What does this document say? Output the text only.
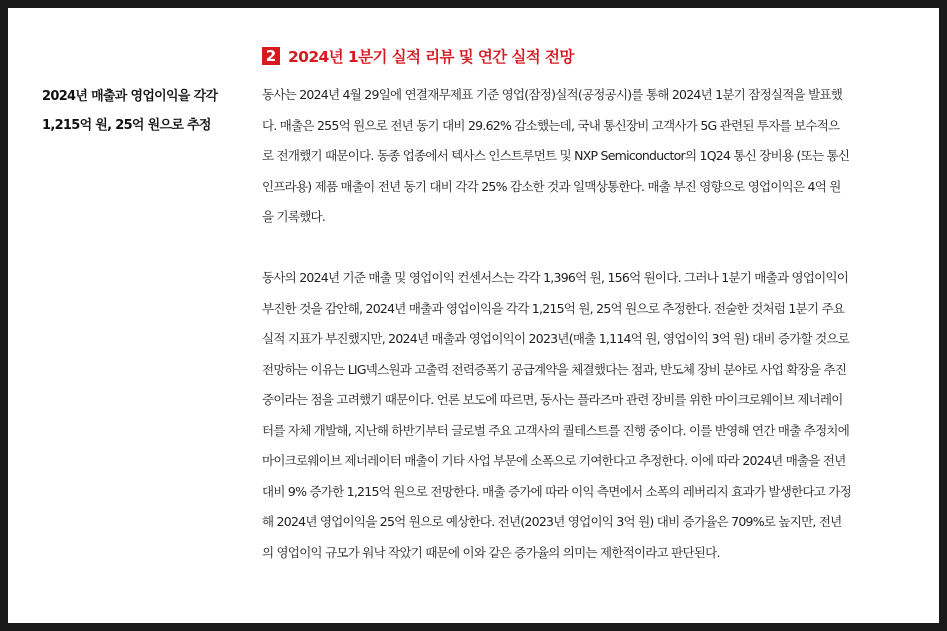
2 2024년 1분기 실적 리뷰 및 연간 실적 전망
2024년 매출과 영업이익을 각각
1,215억 원, 25억 원으로 추정
동사는 2024년 4월 29일에 연결재무제표 기준 영업(잠정)실적(공정공시)를 통해 2024년 1분기 잠정실적을 발표했
다. 매출은 255억 원으로 전년 동기 대비 29.62% 감소했는데, 국내 통신장비 고객사가 5G 관련된 투자를 보수적으
로 전개했기 때문이다. 동종 업종에서 텍사스 인스트루먼트 및 NXP Semiconductor의 1Q24 통신 장비용 (또는 통신
인프라용) 제품 매출이 전년 동기 대비 각각 25% 감소한 것과 일맥상통한다. 매출 부진 영향으로 영업이익은 4억 원
을 기록했다.
동사의 2024년 기준 매출 및 영업이익 컨센서스는 각각 1,396억 원, 156억 원이다. 그러나 1분기 매출과 영업이익이
부진한 것을 감안해, 2024년 매출과 영업이익을 각각 1,215억 원, 25억 원으로 추정한다. 전술한 것처럼 1분기 주요
실적 지표가 부진했지만, 2024년 매출과 영업이익이 2023년(매출 1,114억 원, 영업이익 3억 원) 대비 증가할 것으로
전망하는 이유는 LIG넥스원과 고출력 전력증폭기 공급계약을 체결했다는 점과, 반도체 장비 분야로 사업 확장을 추진
중이라는 점을 고려했기 때문이다. 언론 보도에 따르면, 동사는 플라즈마 관련 장비를 위한 마이크로웨이브 제너레이
터를 자체 개발해, 지난해 하반기부터 글로벌 주요 고객사의 퀄테스트를 진행 중이다. 이를 반영해 연간 매출 추정치에
마이크로웨이브 제너레이터 매출이 기타 사업 부문에 소폭으로 기여한다고 추정한다. 이에 따라 2024년 매출을 전년
대비 9% 증가한 1,215억 원으로 전망한다. 매출 증가에 따라 이익 측면에서 소폭의 레버리지 효과가 발생한다고 가정
해 2024년 영업이익을 25억 원으로 예상한다. 전년(2023년 영업이익 3억 원) 대비 증가율은 709%로 높지만, 전년
의 영업이익 규모가 워낙 작았기 때문에 이와 같은 증가율의 의미는 제한적이라고 판단된다.
